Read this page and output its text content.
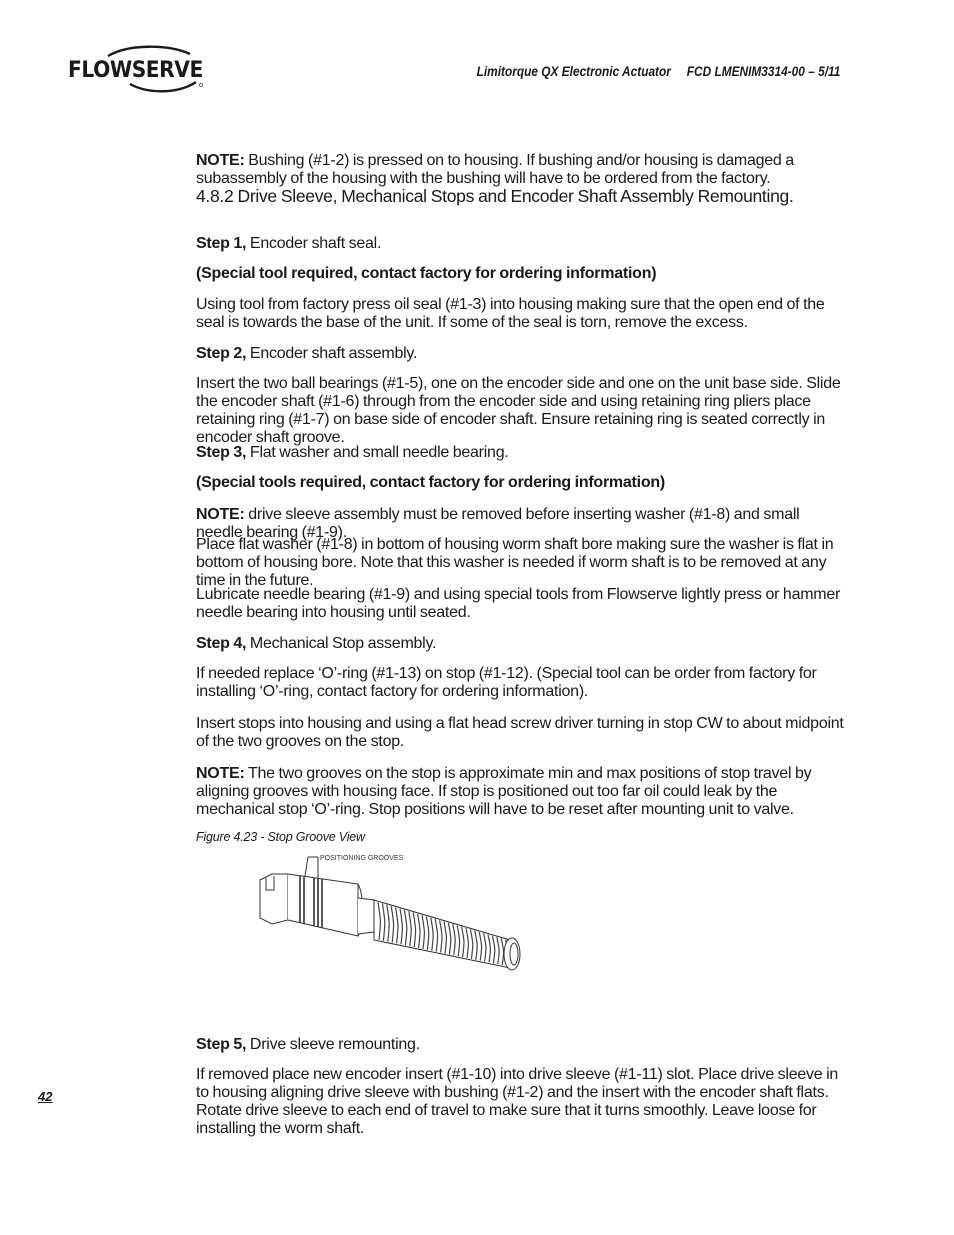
FLOWSERVE	Limitorque QX Electronic Actuator FCD LMENIM3314-00 – 5/11

NOTE: Bushing (#1-2) is pressed on to housing. If bushing and/or housing is damaged a subassembly of the housing with the bushing will have to be ordered from the factory.

4.8.2 Drive Sleeve, Mechanical Stops and Encoder Shaft Assembly Remounting.

Step 1, Encoder shaft seal.

(Special tool required, contact factory for ordering information)

Using tool from factory press oil seal (#1-3) into housing making sure that the open end of the seal is towards the base of the unit. If some of the seal is torn, remove the excess.

Step 2, Encoder shaft assembly.

Insert the two ball bearings (#1-5), one on the encoder side and one on the unit base side. Slide the encoder shaft (#1-6) through from the encoder side and using retaining ring pliers place retaining ring (#1-7) on base side of encoder shaft. Ensure retaining ring is seated correctly in encoder shaft groove.

Step 3, Flat washer and small needle bearing.

(Special tools required, contact factory for ordering information)

NOTE: drive sleeve assembly must be removed before inserting washer (#1-8) and small needle bearing (#1-9).

Place flat washer (#1-8) in bottom of housing worm shaft bore making sure the washer is flat in bottom of housing bore. Note that this washer is needed if worm shaft is to be removed at any time in the future.

Lubricate needle bearing (#1-9) and using special tools from Flowserve lightly press or hammer needle bearing into housing until seated.

Step 4, Mechanical Stop assembly.

If needed replace ‘O’-ring (#1-13) on stop (#1-12). (Special tool can be order from factory for installing ‘O’-ring, contact factory for ordering information).

Insert stops into housing and using a flat head screw driver turning in stop CW to about midpoint of the two grooves on the stop.

NOTE: The two grooves on the stop is approximate min and max positions of stop travel by aligning grooves with housing face. If stop is positioned out too far oil could leak by the mechanical stop ‘O’-ring. Stop positions will have to be reset after mounting unit to valve.

Figure 4.23 - Stop Groove View

POSITIONING GROOVES

Step 5, Drive sleeve remounting.

If removed place new encoder insert (#1-10) into drive sleeve (#1-11) slot. Place drive sleeve in to housing aligning drive sleeve with bushing (#1-2) and the insert with the encoder shaft flats. Rotate drive sleeve to each end of travel to make sure that it turns smoothly. Leave loose for installing the worm shaft.

42
